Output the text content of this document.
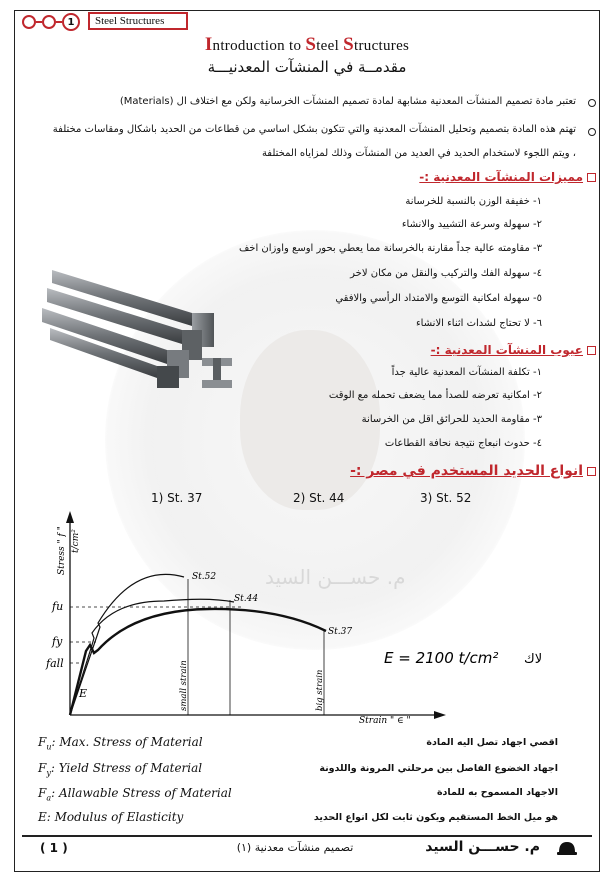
م. حســـن السيد
1	Steel Structures
Introduction to Steel Structures
مقدمــة في المنشآت المعدنيـــة
تعتبر مادة تصميم المنشآت المعدنية مشابهة لمادة تصميم المنشآت الخرسانية ولكن مع اختلاف ال (Materials)
تهتم هذه المادة بتصميم وتحليل المنشآت المعدنية والتي تتكون بشكل اساسي من قطاعات من الحديد باشكال ومقاسات مختلفة
، ويتم اللجوء لاستخدام الحديد في العديد من المنشآت وذلك لمزاياه المختلفة
مميزات المنشآت المعدنية :-
١- خفيفة الوزن بالنسبة للخرسانة
٢- سهولة وسرعة التشييد والانشاء
٣- مقاومته عالية جداً مقارنة بالخرسانة مما يعطي بحور اوسع واوزان اخف
٤- سهولة الفك والتركيب والنقل من مكان لاخر
٥- سهولة امكانية التوسع والامتداد الرأسي والافقي
٦- لا تحتاج لشدات اثناء الانشاء
عيوب المنشآت المعدنية :-
١- تكلفة المنشآت المعدنية عالية جداً
٢- امكانية تعرضه للصدأ مما يضعف تحمله مع الوقت
٣- مقاومة الحديد للحرائق اقل من الخرسانة
٤- حدوث انبعاج نتيجة نحافة القطاعات
انواع الحديد المستخدم في مصر :-
1) St. 37	2) St. 44	3) St. 52
Stress " f " t/cm²
Strain " ∈ "
St.52
St.44
St.37
fu
fy
fall
E	small strain	big strain
E = 2100 t/cm² لاك
$F_u$: Max. Stress of Material	اقصي اجهاد تصل اليه المادة
$F_y$: Yield Stress of Material	اجهاد الخضوع الفاصل بين مرحلتي المرونة واللدونة
$F_a$: Allawable Stress of Material	الاجهاد المسموح به للمادة
E: Modulus of Elasticity	هو ميل الخط المستقيم ويكون ثابت لكل انواع الحديد
( 1 )	تصميم منشآت معدنية (١)	م. حســـن السيد
